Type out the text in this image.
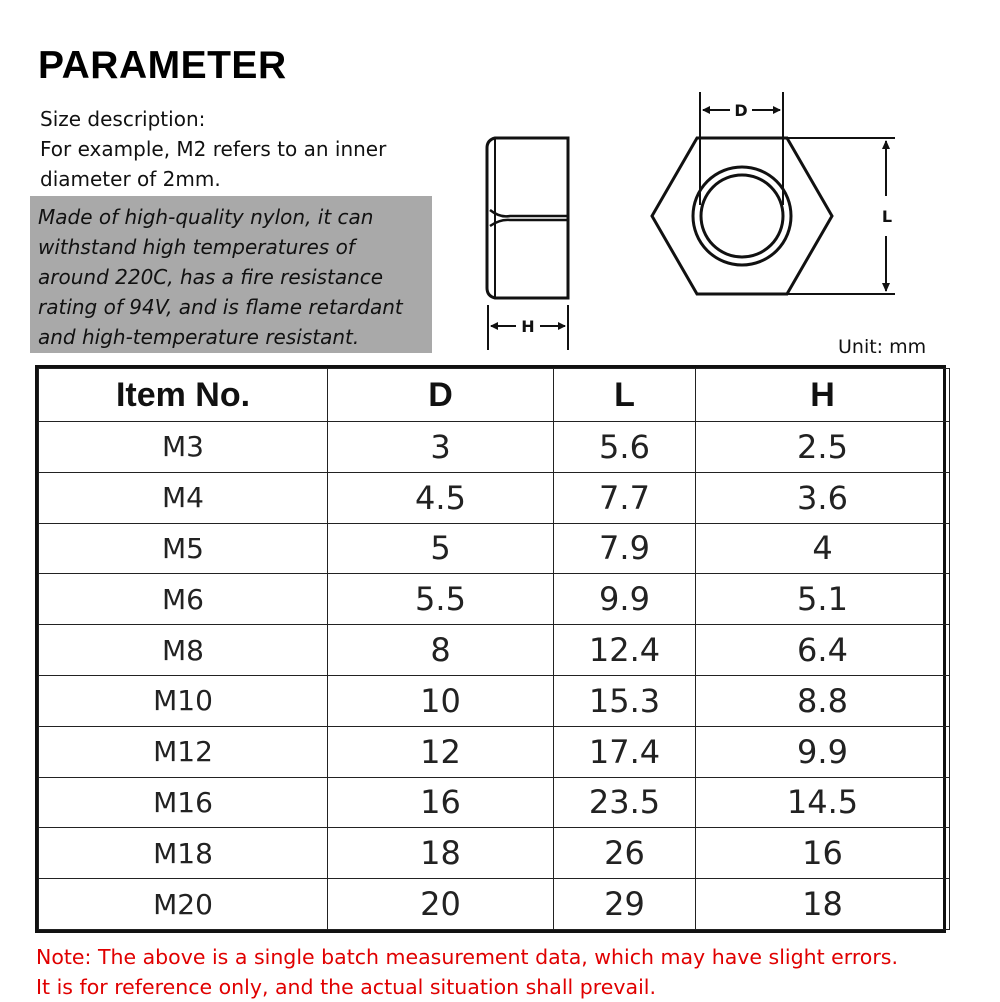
PARAMETER
Size description:
For example, M2 refers to an inner
diameter of 2mm.
Made of high-quality nylon, it can
withstand high temperatures of
around 220C, has a fire resistance
rating of 94V, and is flame retardant
and high-temperature resistant.	H
D
L
Unit: mm
Item No.	D	L	H
M3	3	5.6	2.5
M4	4.5	7.7	3.6
M5	5	7.9	4
M6	5.5	9.9	5.1
M8	8	12.4	6.4
M10	10	15.3	8.8
M12	12	17.4	9.9
M16	16	23.5	14.5
M18	18	26	16
M20	20	29	18
Note: The above is a single batch measurement data, which may have slight errors.
It is for reference only, and the actual situation shall prevail.
